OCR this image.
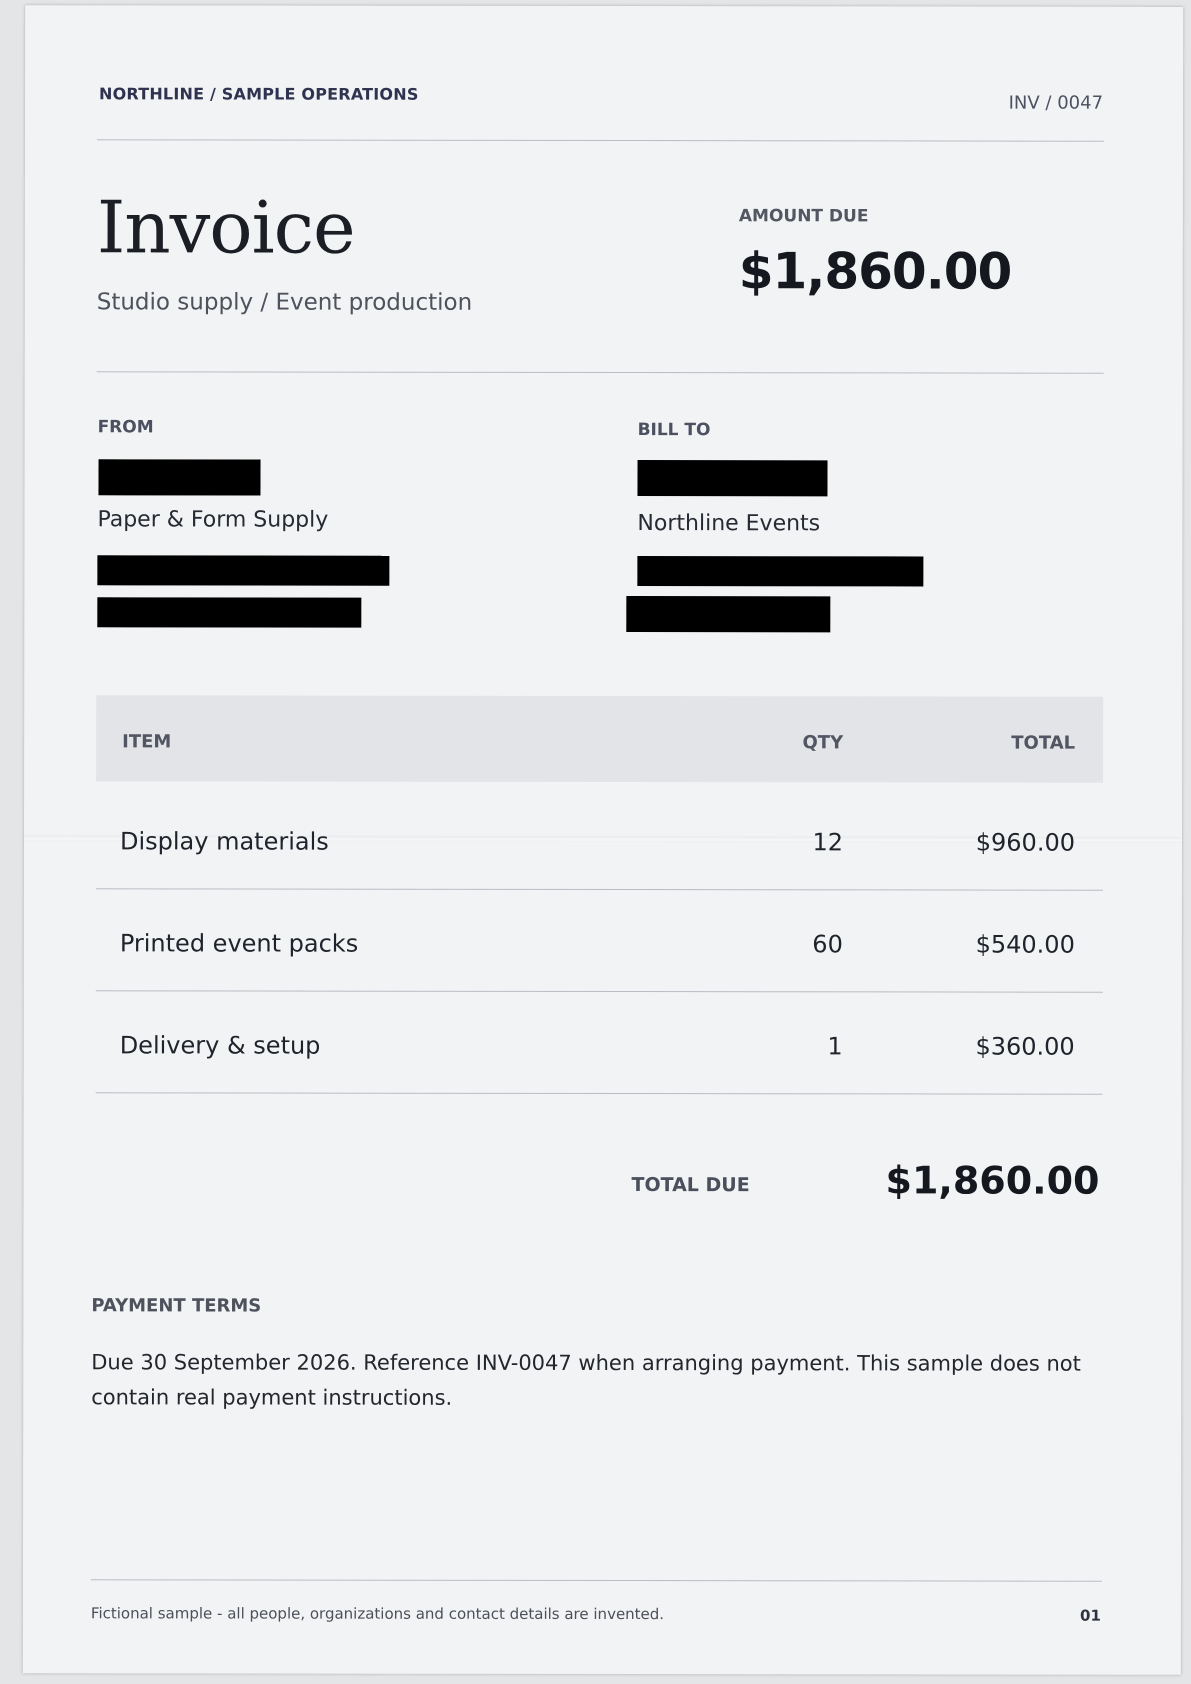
NORTHLINE / SAMPLE OPERATIONS	INV / 0047
Invoice
Studio supply / Event production
AMOUNT DUE
$1,860.00
FROM
Paper & Form Supply
BILL TO
Northline Events
ITEM	QTY	TOTAL
Display materials	12	$960.00
Printed event packs	60	$540.00
Delivery & setup	1	$360.00
TOTAL DUE	$1,860.00
PAYMENT TERMS
Due 30 September 2026. Reference INV-0047 when arranging payment. This sample does not contain real payment instructions.
Fictional sample - all people, organizations and contact details are invented.	01
